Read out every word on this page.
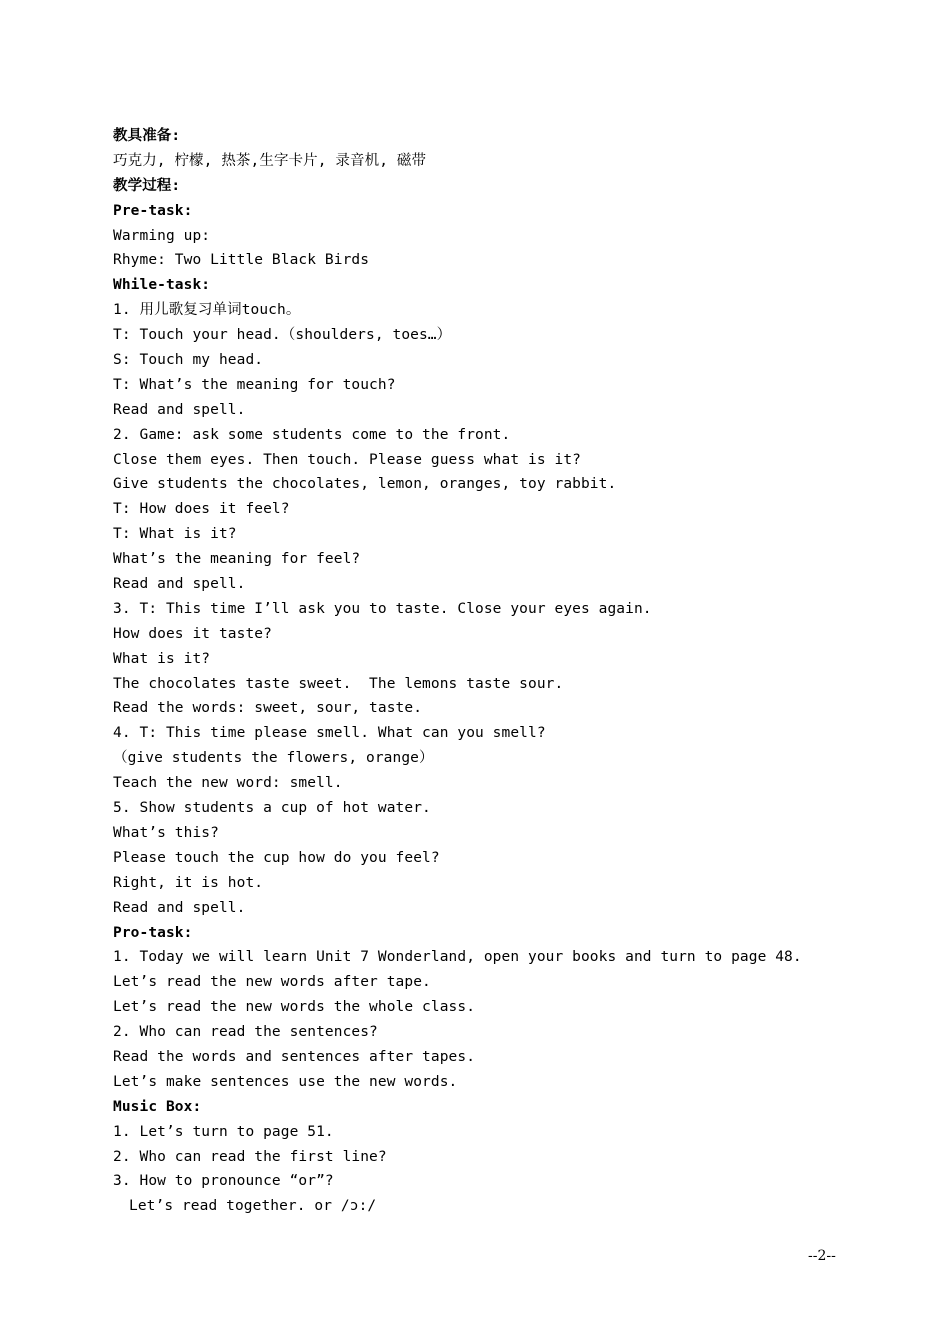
教具准备:
巧克力, 柠檬, 热茶,生字卡片, 录音机, 磁带
教学过程:
Pre-task:
Warming up:
Rhyme: Two Little Black Birds
While-task:
1. 用儿歌复习单词touch。
T: Touch your head.（shoulders, toes…）
S: Touch my head.
T: What’s the meaning for touch?
Read and spell.
2. Game: ask some students come to the front.
Close them eyes. Then touch. Please guess what is it?
Give students the chocolates, lemon, oranges, toy rabbit.
T: How does it feel?
T: What is it?
What’s the meaning for feel?
Read and spell.
3. T: This time I’ll ask you to taste. Close your eyes again.
How does it taste?
What is it?
The chocolates taste sweet.  The lemons taste sour.
Read the words: sweet, sour, taste.
4. T: This time please smell. What can you smell?
（give students the flowers, orange）
Teach the new word: smell.
5. Show students a cup of hot water.
What’s this?
Please touch the cup how do you feel?
Right, it is hot.
Read and spell.
Pro-task:
1. Today we will learn Unit 7 Wonderland, open your books and turn to page 48.
Let’s read the new words after tape.
Let’s read the new words the whole class.
2. Who can read the sentences?
Read the words and sentences after tapes.
Let’s make sentences use the new words.
Music Box:
1. Let’s turn to page 51.
2. Who can read the first line?
3. How to pronounce “or”?
Let’s read together. or /ɔ:/
--2--
